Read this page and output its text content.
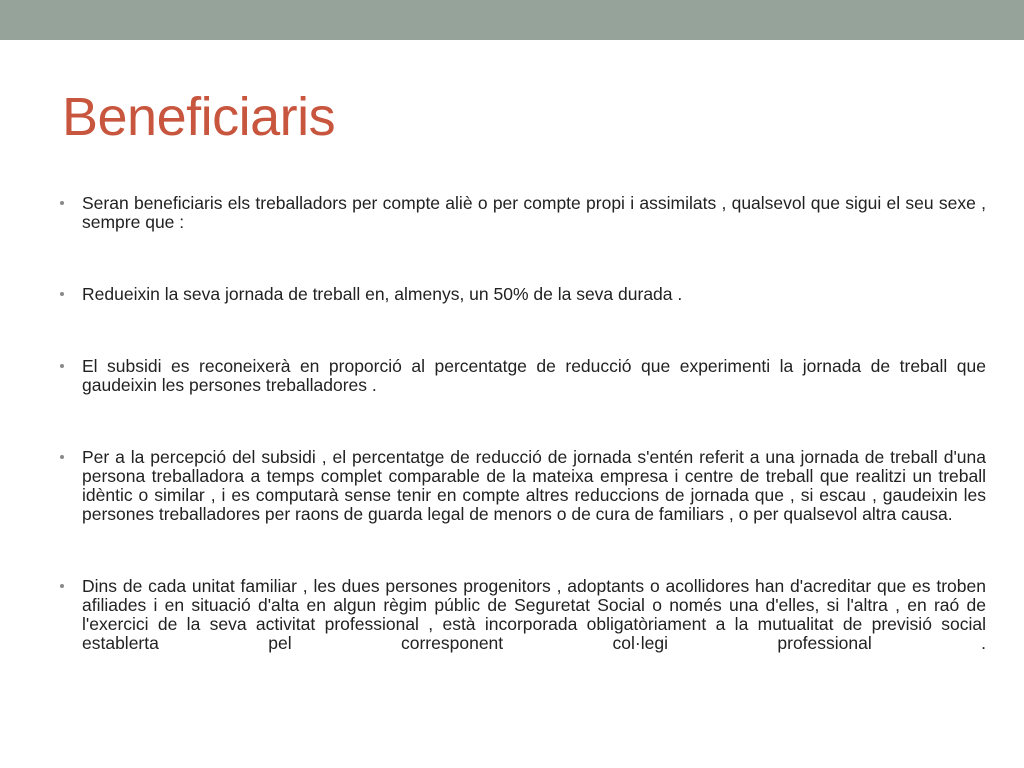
Beneficiaris
Seran beneficiaris els treballadors per compte aliè o per compte propi i assimilats , qualsevol que sigui el seu sexe , sempre que :
Redueixin la seva jornada de treball en, almenys, un 50% de la seva durada .
El subsidi es reconeixerà en proporció al percentatge de reducció que experimenti la jornada de treball que gaudeixin les persones treballadores .
Per a la percepció del subsidi , el percentatge de reducció de jornada s'entén referit a una jornada de treball d'una persona treballadora a temps complet comparable de la mateixa empresa i centre de treball que realitzi un treball idèntic o similar , i es computarà sense tenir en compte altres reduccions de jornada que , si escau , gaudeixin les persones treballadores per raons de guarda legal de menors o de cura de familiars , o per qualsevol altra causa.
Dins de cada unitat familiar , les dues persones progenitors , adoptants o acollidores han d'acreditar que es troben afiliades i en situació d'alta en algun règim públic de Seguretat Social o només una d'elles, si l'altra , en raó de l'exercici de la seva activitat professional , està incorporada obligatòriament a la mutualitat de previsió social establerta pel corresponent col·legi professional .
